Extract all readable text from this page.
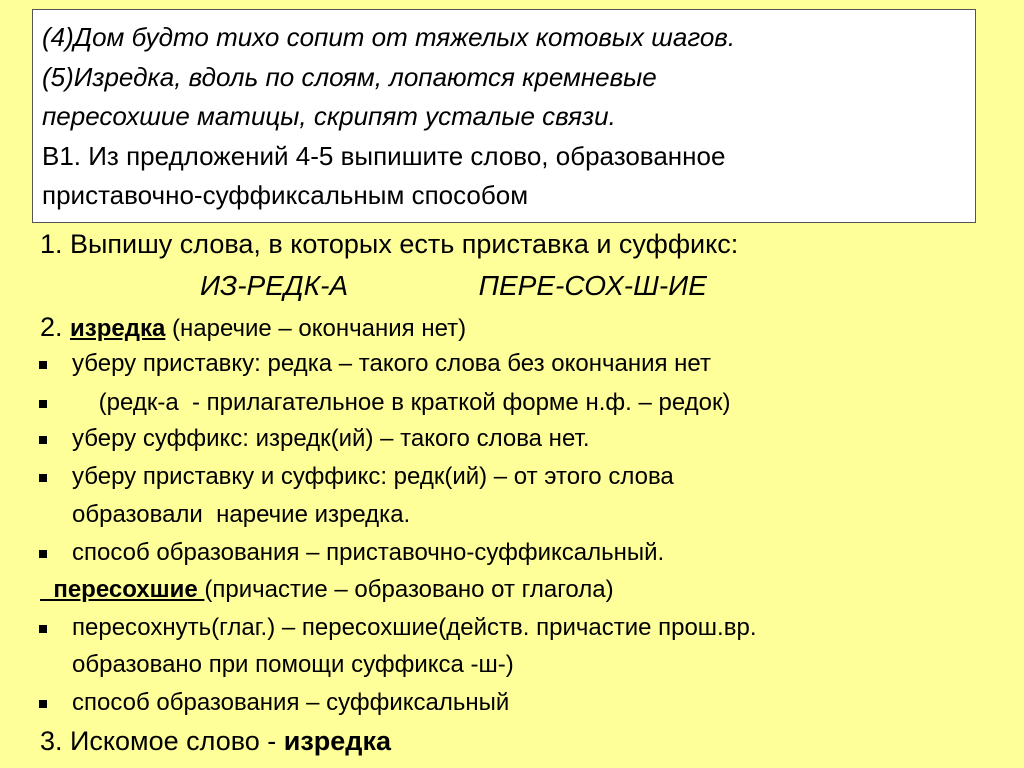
(4)Дом будто тихо сопит от тяжелых котовых шагов.
(5)Изредка, вдоль по слоям, лопаются кремневые
пересохшие матицы, скрипят усталые связи.
В1. Из предложений 4-5 выпишите слово, образованное
приставочно-суффиксальным способом
1. Выпишу слова, в которых есть приставка и суффикс:
ИЗ-РЕДК-А	ПЕРЕ-СОХ-Ш-ИЕ
2. изредка (наречие – окончания нет)
уберу приставку: редка – такого слова без окончания нет
(редк-а  - прилагательное в краткой форме н.ф. – редок)
уберу суффикс: изредк(ий) – такого слова нет.
уберу приставку и суффикс: редк(ий) – от этого слова
образовали  наречие изредка.
способ образования – приставочно-суффиксальный.
пересохшие (причастие – образовано от глагола)
пересохнуть(глаг.) – пересохшие(действ. причастие прош.вр.
образовано при помощи суффикса -ш-)
способ образования – суффиксальный
3. Искомое слово - изредка
